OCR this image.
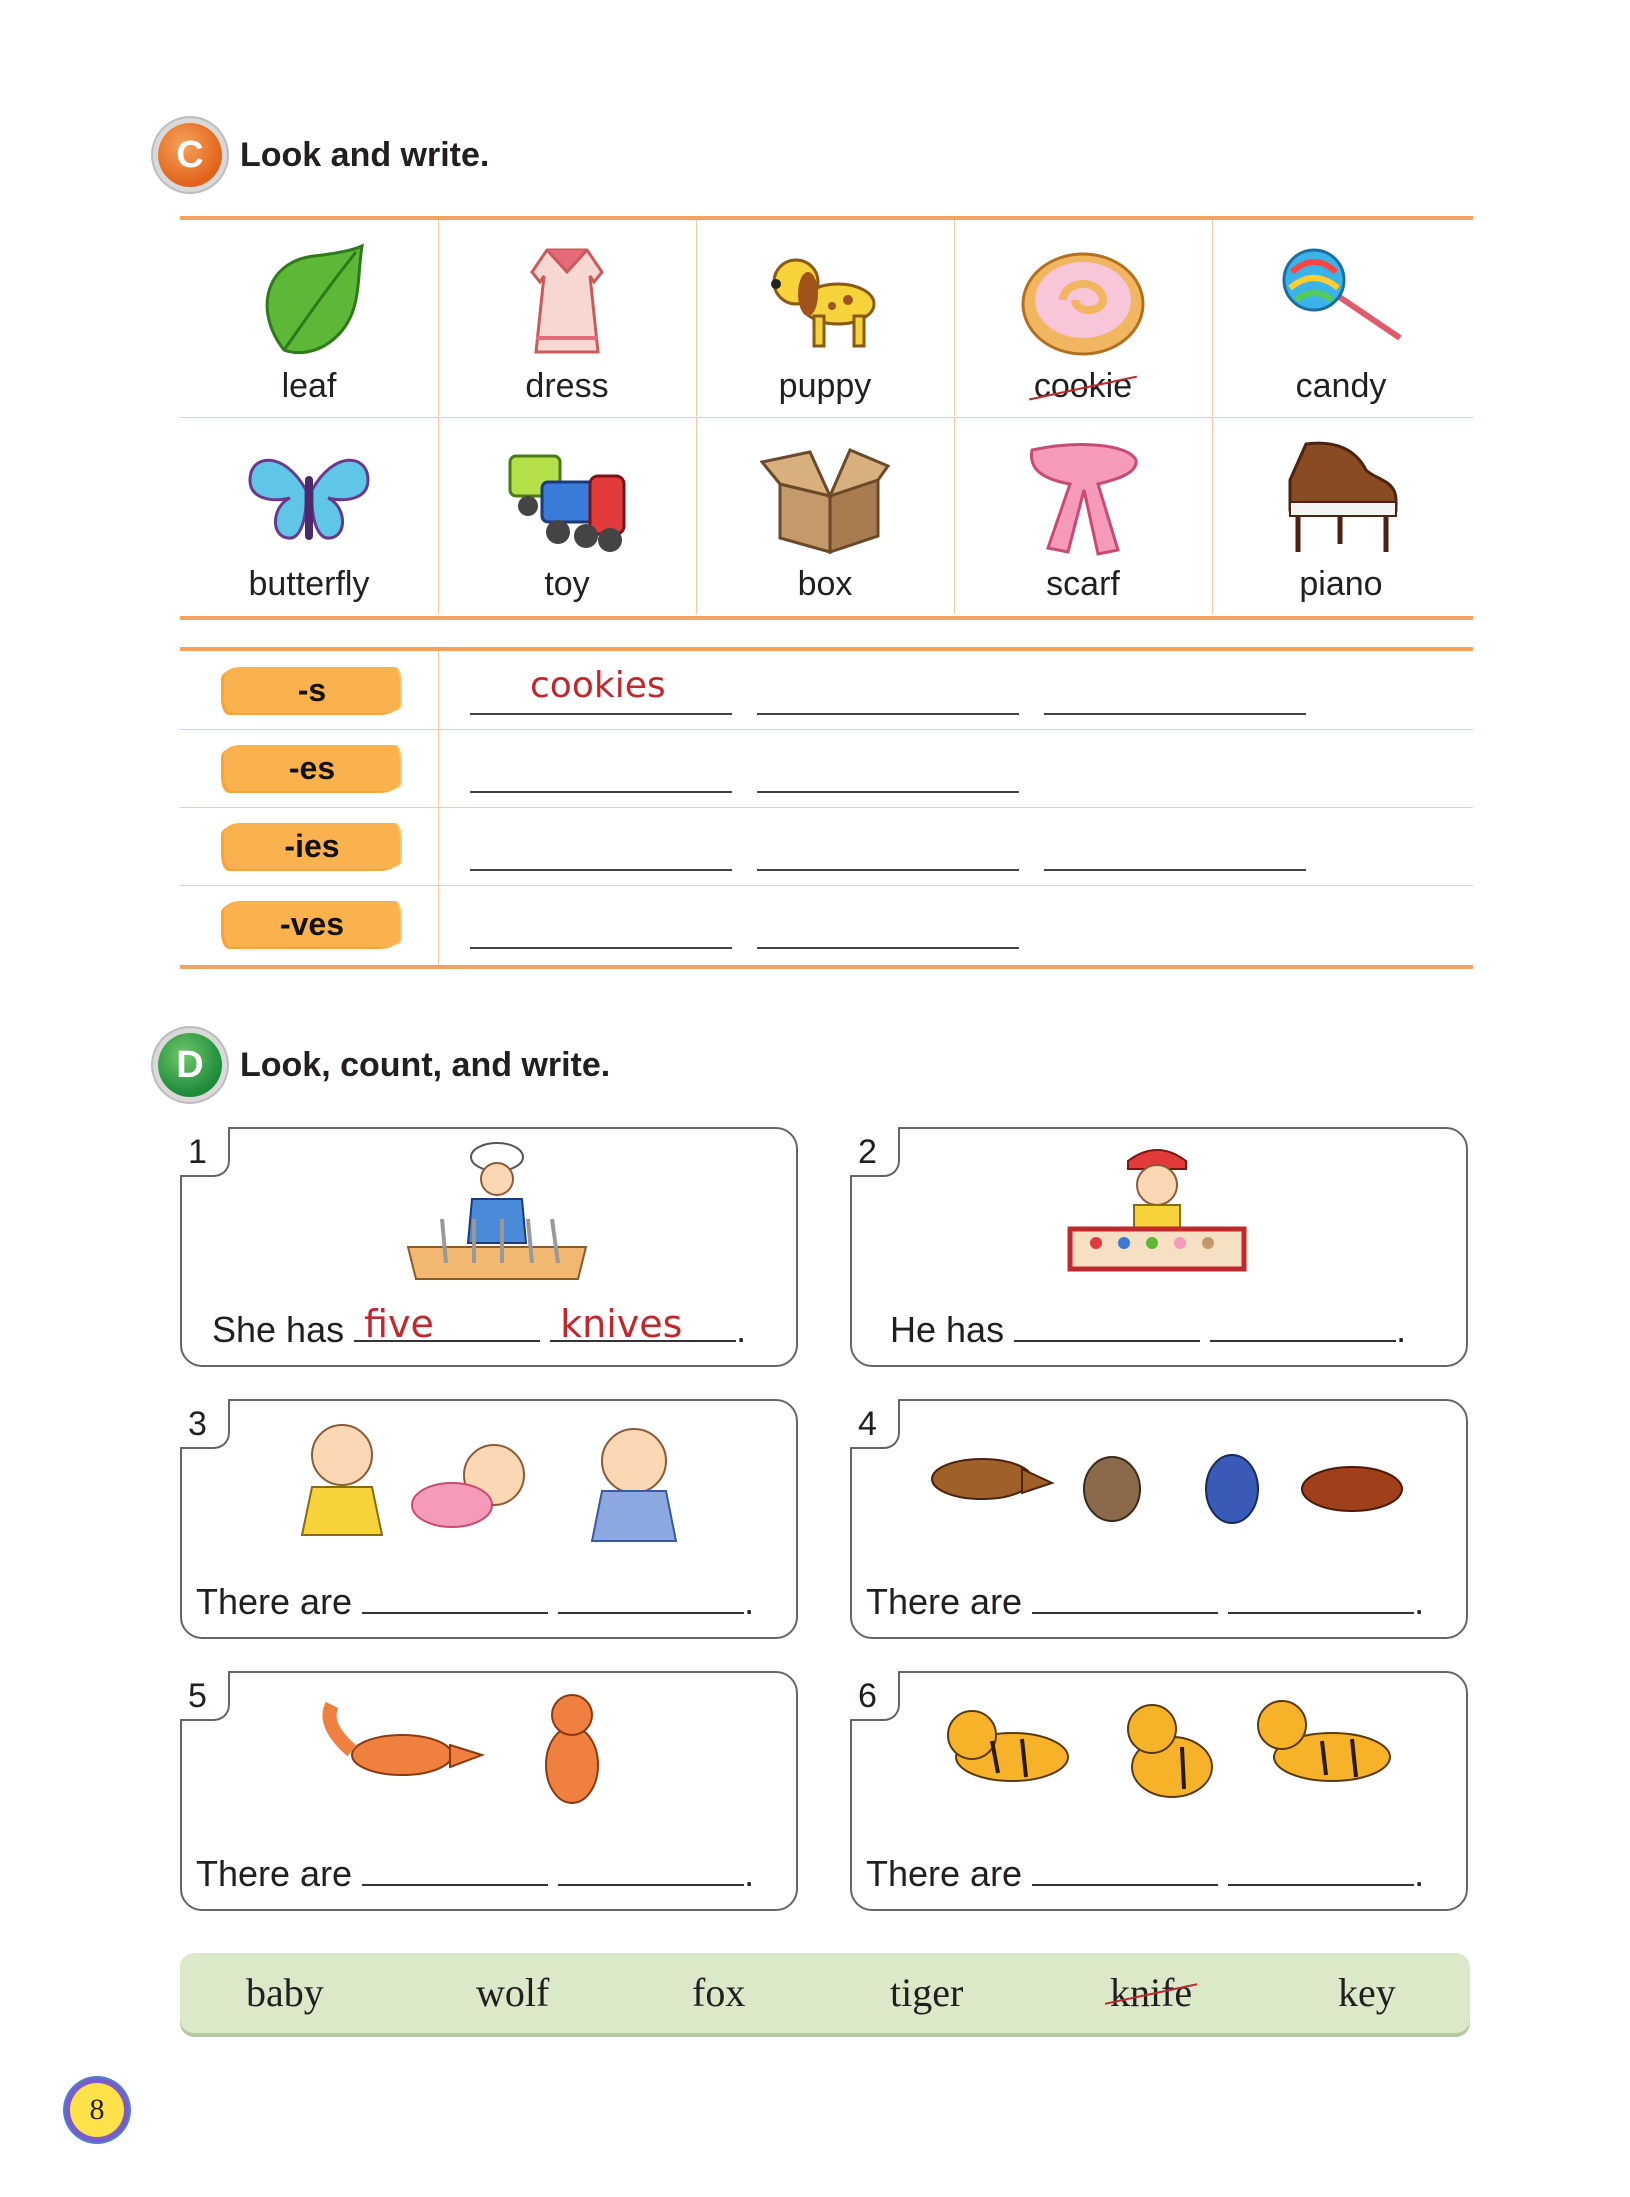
C Look and write.
leaf	dress	puppy	cookie	candy
butterfly	toy	box	scarf	piano
-s	cookies
-es
-ies
-ves
D Look, count, and write.
1
She has five	knives .
2
He has	.
3
There are	.
4
There are	.
5
There are	.
6
There are	.
baby	wolf	fox	tiger	knife	key
8
